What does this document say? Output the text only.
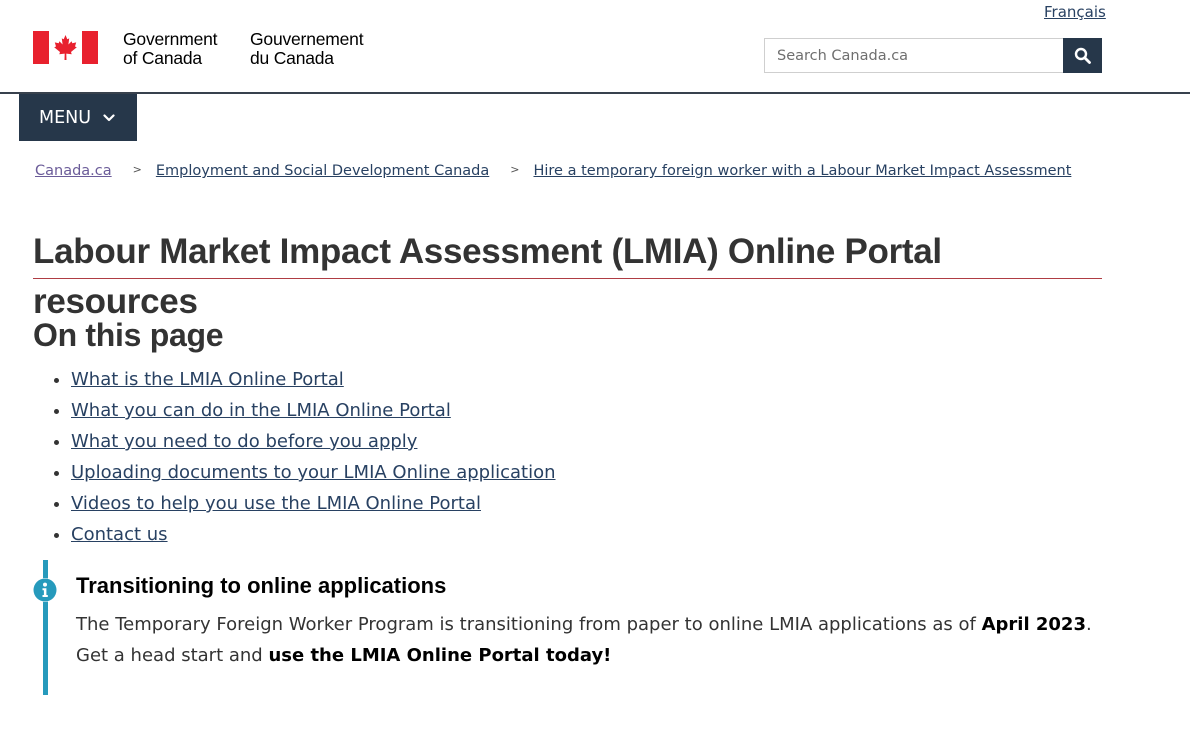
Français
Government
of Canada
Gouvernement
du Canada
Search Canada.ca
MENU
Canada.ca > Employment and Social Development Canada > Hire a temporary foreign worker with a Labour Market Impact Assessment
Labour Market Impact Assessment (LMIA) Online Portal resources
On this page
• What is the LMIA Online Portal
• What you can do in the LMIA Online Portal
• What you need to do before you apply
• Uploading documents to your LMIA Online application
• Videos to help you use the LMIA Online Portal
• Contact us
Transitioning to online applications

The Temporary Foreign Worker Program is transitioning from paper to online LMIA applications as of April 2023. Get a head start and use the LMIA Online Portal today!
